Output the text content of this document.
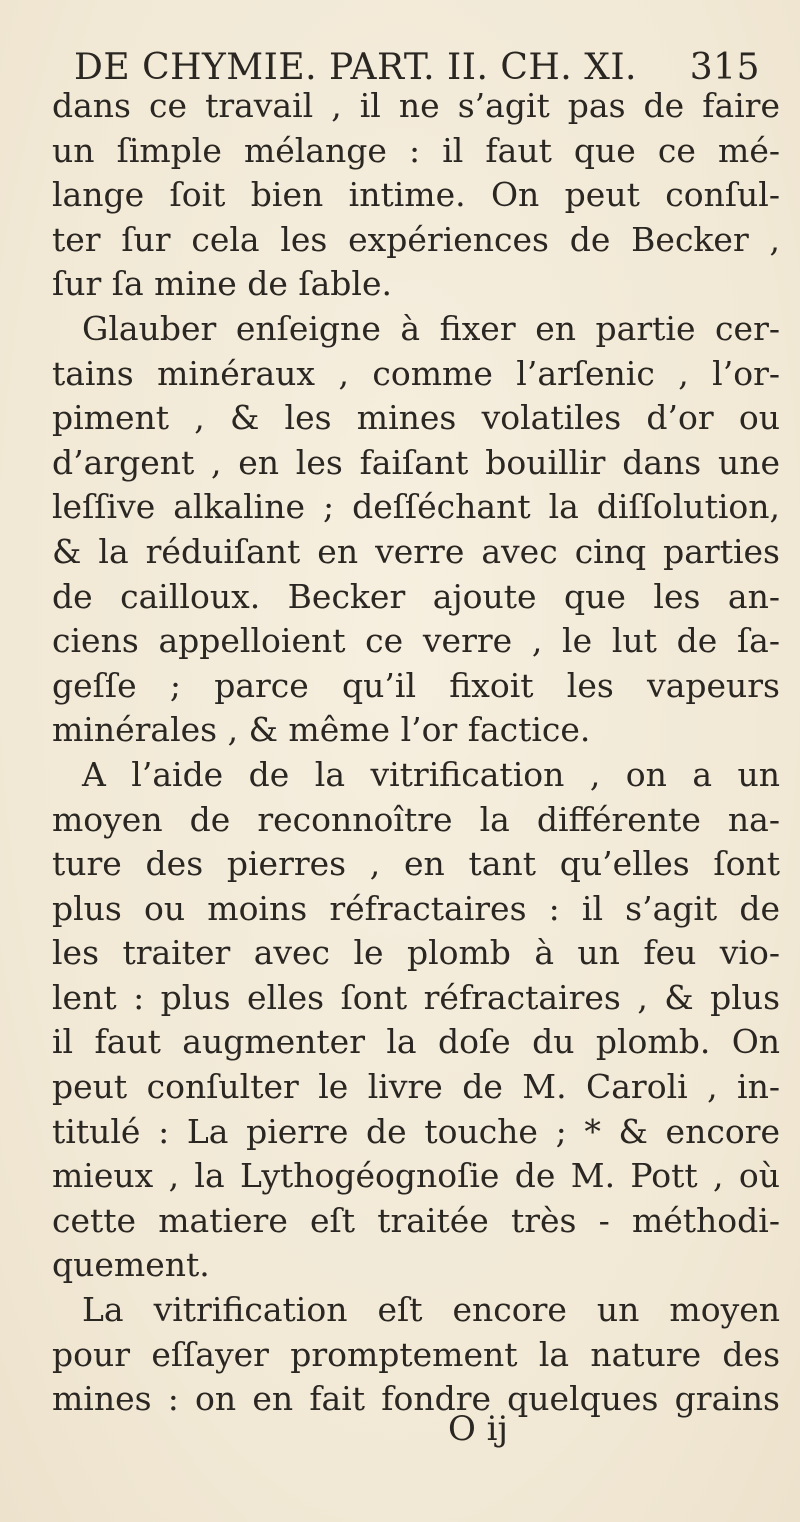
DE CHYMIE. PART. II. CH. XI. 315
dans ce travail , il ne s’agit pas de faire
un ſimple mélange : il faut que ce mé-
lange ſoit bien intime. On peut conſul-
ter ſur cela les expériences de Becker ,
ſur ſa mine de ſable.
Glauber enſeigne à fixer en partie cer-
tains minéraux , comme l’arſenic , l’or-
piment , & les mines volatiles d’or ou
d’argent , en les faiſant bouillir dans une
leſſive alkaline ; deſſéchant la diſſolution,
& la réduiſant en verre avec cinq parties
de cailloux. Becker ajoute que les an-
ciens appelloient ce verre , le lut de ſa-
geſſe ; parce qu’il fixoit les vapeurs
minérales , & même l’or factice.
A l’aide de la vitrification , on a un
moyen de reconnoître la différente na-
ture des pierres , en tant qu’elles ſont
plus ou moins réfractaires : il s’agit de
les traiter avec le plomb à un feu vio-
lent : plus elles ſont réfractaires , & plus
il faut augmenter la doſe du plomb. On
peut conſulter le livre de M. Caroli , in-
titulé : La pierre de touche ; * & encore
mieux , la Lythogéognoſie de M. Pott , où
cette matiere eſt traitée très - méthodi-
quement.
La vitrification eſt encore un moyen
pour eſſayer promptement la nature des
mines : on en fait fondre quelques grains
O ij
